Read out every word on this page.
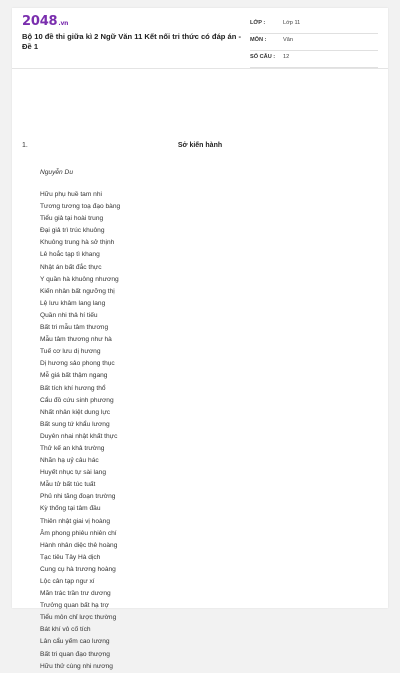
2048.vn
Bộ 10 đề thi giữa kì 2 Ngữ Văn 11 Kết nối tri thức có đáp án - Đề 1
LỚP :	Lớp 11
MÔN :	Văn
SỐ CÂU : 12
1.	Sở kiến hành
Nguyễn Du
Hữu phụ huề tam nhi
Tương tương toạ đạo bàng
Tiểu giả tại hoài trung
Đại giả trì trúc khuông
Khuông trung hà sở thịnh
Lê hoắc tạp tì khang
Nhật án bất đắc thực
Y quần hà khuông nhương
Kiến nhân bất ngưỡng thị
Lệ lưu khâm lang lang
Quần nhi thả hí tiếu
Bất tri mẫu tâm thương
Mẫu tâm thương như hà
Tuế cơ lưu dị hương
Dị hương sảo phong thục
Mễ giá bất thậm ngang
Bất tích khí hương thổ
Cẩu đồ cứu sinh phương
Nhất nhân kiệt dung lực
Bất sung tứ khẩu lương
Duyên nhai nhật khất thực
Thử kế an khả trường
Nhãn hạ uỷ câu hác
Huyết nhục tự sài lang
Mẫu tử bất túc tuất
Phủ nhi tăng đoạn trường
Kỳ thống tại tâm đầu
Thiên nhật giai vị hoàng
Âm phong phiêu nhiên chí
Hành nhân diệc thê hoàng
Tạc tiêu Tây Hà dịch
Cung cụ hà trương hoàng
Lộc cân tạp ngư xí
Mãn trác trần trư dương
Trưởng quan bất hạ trợ
Tiểu môn chỉ lược thường
Bát khí vô cố tích
Lân cẩu yếm cao lương
Bất tri quan đạo thượng
Hữu thử cùng nhi nương
